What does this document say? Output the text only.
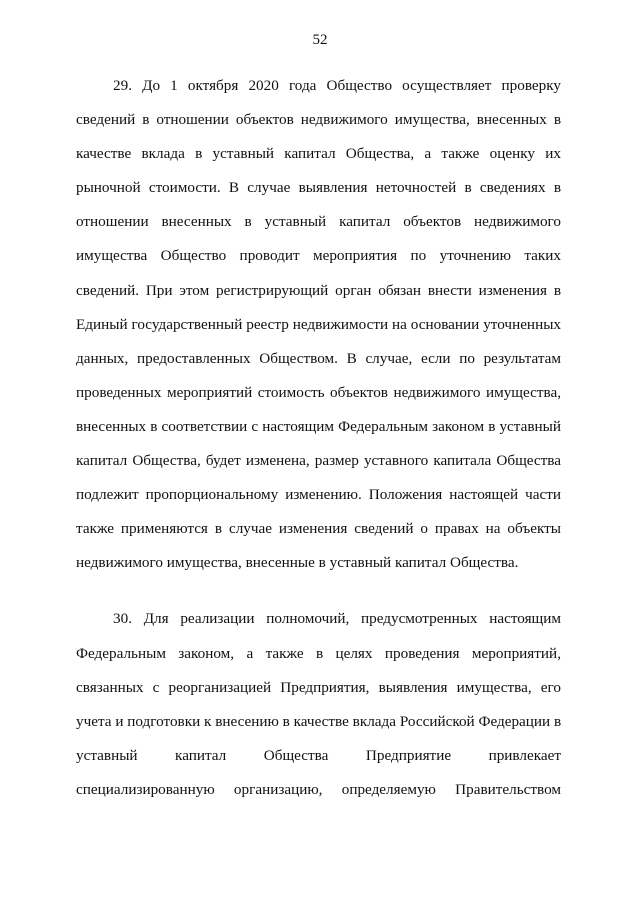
52

29. До 1 октября 2020 года Общество осуществляет проверку
сведений в отношении объектов недвижимого имущества, внесенных в
качестве вклада в уставный капитал Общества, а также оценку их
рыночной стоимости. В случае выявления неточностей в сведениях в
отношении внесенных в уставный капитал объектов недвижимого
имущества Общество проводит мероприятия по уточнению таких
сведений. При этом регистрирующий орган обязан внести изменения в
Единый государственный реестр недвижимости на основании уточненных
данных, предоставленных Обществом. В случае, если по результатам
проведенных мероприятий стоимость объектов недвижимого имущества,
внесенных в соответствии с настоящим Федеральным законом в уставный
капитал Общества, будет изменена, размер уставного капитала Общества
подлежит пропорциональному изменению. Положения настоящей части
также применяются в случае изменения сведений о правах на объекты
недвижимого имущества, внесенные в уставный капитал Общества.

30. Для реализации полномочий, предусмотренных настоящим
Федеральным законом, а также в целях проведения мероприятий,
связанных с реорганизацией Предприятия, выявления имущества, его
учета и подготовки к внесению в качестве вклада Российской Федерации в
уставный капитал Общества Предприятие привлекает
специализированную организацию, определяемую Правительством
